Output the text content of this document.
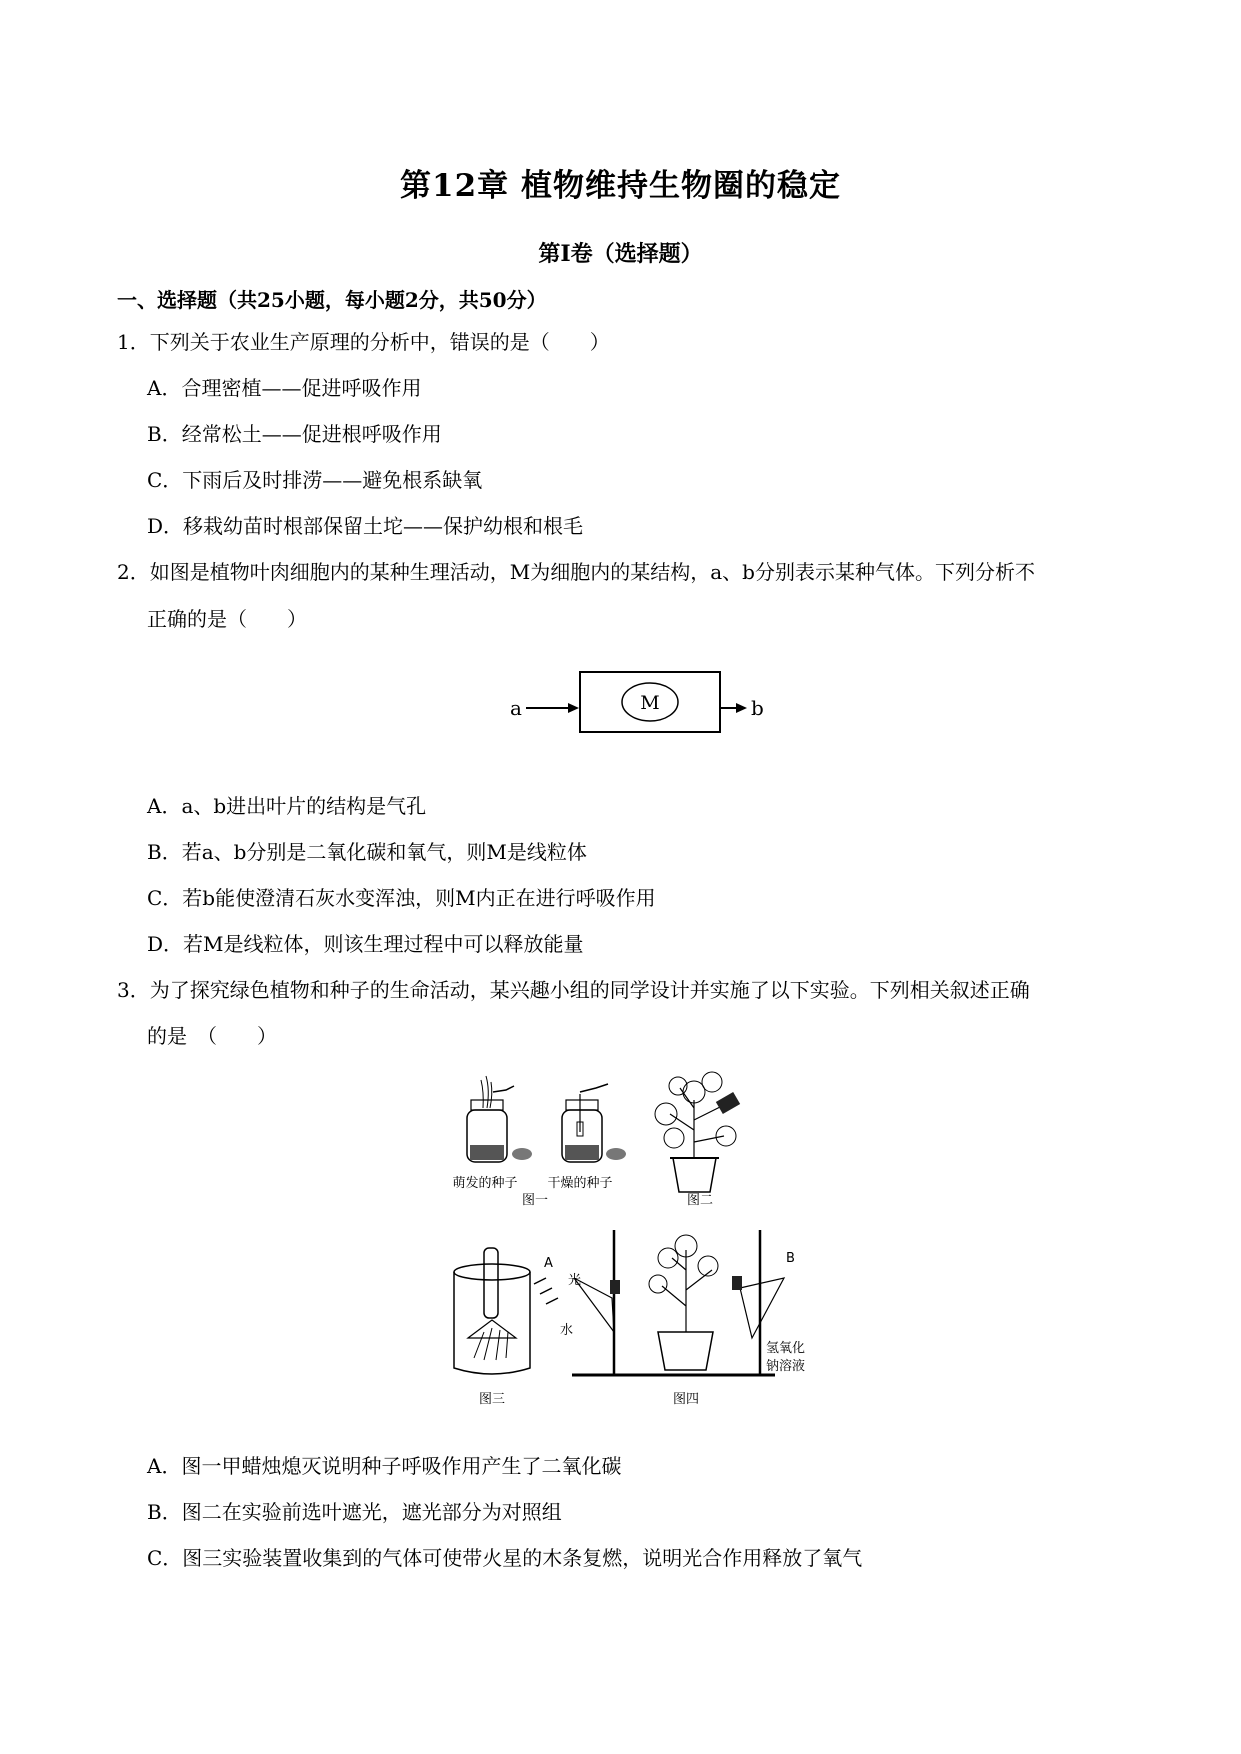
第12章 植物维持生物圈的稳定
第Ⅰ卷（选择题）
一、选择题（共25小题，每小题2分，共50分）
1．下列关于农业生产原理的分析中，错误的是（　　）
A．合理密植——促进呼吸作用
B．经常松土——促进根呼吸作用
C．下雨后及时排涝——避免根系缺氧
D．移栽幼苗时根部保留土坨——保护幼根和根毛
2．如图是植物叶肉细胞内的某种生理活动，M为细胞内的某结构，a、b分别表示某种气体。下列分析不
正确的是（　　）
a	M	b
A．a、b进出叶片的结构是气孔
B．若a、b分别是二氧化碳和氧气，则M是线粒体
C．若b能使澄清石灰水变浑浊，则M内正在进行呼吸作用
D．若M是线粒体，则该生理过程中可以释放能量
3．为了探究绿色植物和种子的生命活动，某兴趣小组的同学设计并实施了以下实验。下列相关叙述正确
的是　（　　）
萌发的种子 干燥的种子
图一	图二
光
图三
A	B
水
氢氧化
钠溶液
图四
A．图一甲蜡烛熄灭说明种子呼吸作用产生了二氧化碳
B．图二在实验前选叶遮光，遮光部分为对照组
C．图三实验装置收集到的气体可使带火星的木条复燃，说明光合作用释放了氧气
